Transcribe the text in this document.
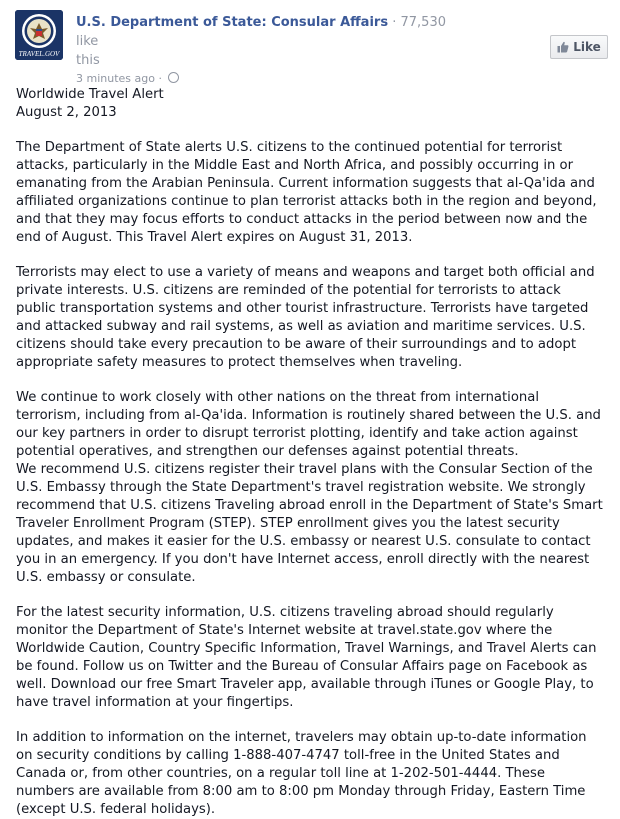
TRAVEL.GOV
U.S. Department of State: Consular Affairs · 77,530 like
this
3 minutes ago ·
Like

Worldwide Travel Alert

August 2, 2013

The Department of State alerts U.S. citizens to the continued potential for terrorist attacks, particularly in the Middle East and North Africa, and possibly occurring in or emanating from the Arabian Peninsula. Current information suggests that al-Qa'ida and affiliated organizations continue to plan terrorist attacks both in the region and beyond, and that they may focus efforts to conduct attacks in the period between now and the end of August. This Travel Alert expires on August 31, 2013.

Terrorists may elect to use a variety of means and weapons and target both official and private interests. U.S. citizens are reminded of the potential for terrorists to attack public transportation systems and other tourist infrastructure. Terrorists have targeted and attacked subway and rail systems, as well as aviation and maritime services. U.S. citizens should take every precaution to be aware of their surroundings and to adopt appropriate safety measures to protect themselves when traveling.

We continue to work closely with other nations on the threat from international terrorism, including from al-Qa'ida. Information is routinely shared between the U.S. and our key partners in order to disrupt terrorist plotting, identify and take action against potential operatives, and strengthen our defenses against potential threats.

We recommend U.S. citizens register their travel plans with the Consular Section of the U.S. Embassy through the State Department's travel registration website. We strongly recommend that U.S. citizens Traveling abroad enroll in the Department of State's Smart Traveler Enrollment Program (STEP). STEP enrollment gives you the latest security updates, and makes it easier for the U.S. embassy or nearest U.S. consulate to contact you in an emergency. If you don't have Internet access, enroll directly with the nearest U.S. embassy or consulate.

For the latest security information, U.S. citizens traveling abroad should regularly monitor the Department of State's Internet website at travel.state.gov where the Worldwide Caution, Country Specific Information, Travel Warnings, and Travel Alerts can be found. Follow us on Twitter and the Bureau of Consular Affairs page on Facebook as well. Download our free Smart Traveler app, available through iTunes or Google Play, to have travel information at your fingertips.

In addition to information on the internet, travelers may obtain up-to-date information on security conditions by calling 1-888-407-4747 toll-free in the United States and Canada or, from other countries, on a regular toll line at 1-202-501-4444. These numbers are available from 8:00 am to 8:00 pm Monday through Friday, Eastern Time (except U.S. federal holidays).
